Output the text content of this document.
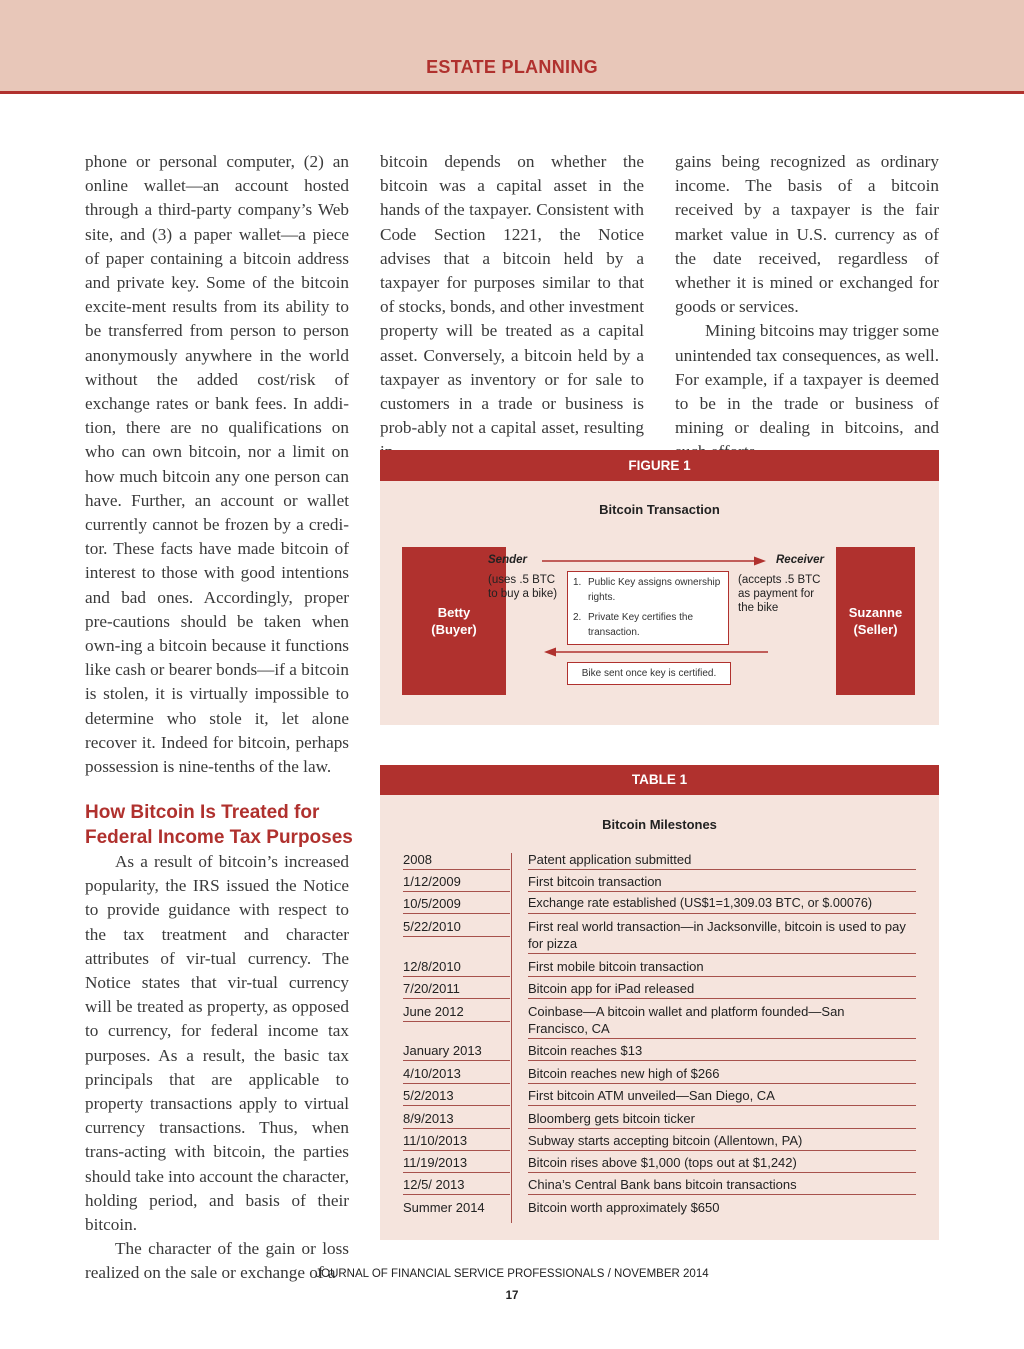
ESTATE PLANNING

phone or personal computer, (2) an online wallet—an account hosted through a third-party company’s Web site, and (3) a paper wallet—a piece of paper containing a bitcoin address and private key. Some of the bitcoin excite-ment results from its ability to be transferred from person to person anonymously anywhere in the world without the added cost/risk of exchange rates or bank fees. In addi-tion, there are no qualifications on who can own bitcoin, nor a limit on how much bitcoin any one person can have. Further, an account or wallet currently cannot be frozen by a credi-tor. These facts have made bitcoin of interest to those with good intentions and bad ones. Accordingly, proper pre-cautions should be taken when own-ing a bitcoin because it functions like cash or bearer bonds—if a bitcoin is stolen, it is virtually impossible to determine who stole it, let alone recover it. Indeed for bitcoin, perhaps possession is nine-tenths of the law.

How Bitcoin Is Treated for Federal Income Tax Purposes

As a result of bitcoin’s increased popularity, the IRS issued the Notice to provide guidance with respect to the tax treatment and character attributes of vir-tual currency. The Notice states that vir-tual currency will be treated as property, as opposed to currency, for federal income tax purposes. As a result, the basic tax principals that are applicable to property transactions apply to virtual currency transactions. Thus, when trans-acting with bitcoin, the parties should take into account the character, holding period, and basis of their bitcoin.

The character of the gain or loss realized on the sale or exchange of a

bitcoin depends on whether the bitcoin was a capital asset in the hands of the taxpayer. Consistent with Code Section 1221, the Notice advises that a bitcoin held by a taxpayer for purposes similar to that of stocks, bonds, and other investment property will be treated as a capital asset. Conversely, a bitcoin held by a taxpayer as inventory or for sale to customers in a trade or business is prob-ably not a capital asset, resulting

gains being recognized as ordinary income. The basis of a bitcoin received by a taxpayer is the fair market value in U.S. currency as of the date received, regardless of whether it is mined or exchanged for goods or services.

Mining bitcoins may trigger some unintended tax consequences, as well. For example, if a taxpayer is deemed to be in the trade or business of mining or dealing in bitcoins, and

FIGURE 1
Bitcoin Transaction
Betty
(Buyer)
Suzanne
(Seller)
Sender	Receiver
(uses .5 BTC to buy a bike)
(accepts .5 BTC as payment for the bike
1. Public Key assigns ownership rights.
2. Private Key certifies the transaction.
Bike sent once key is certified.
TABLE 1
Bitcoin Milestones
2008	Patent application submitted
1/12/2009	First bitcoin transaction
10/5/2009	Exchange rate established (US$1=1,309.03 BTC, or $.00076)
5/22/2010	First real world transaction—in Jacksonville, bitcoin is used to pay for pizza
12/8/2010	First mobile bitcoin transaction
7/20/2011	Bitcoin app for iPad released
June 2012	Coinbase—A bitcoin wallet and platform founded—San Francisco, CA
January 2013	Bitcoin reaches $13
4/10/2013	Bitcoin reaches new high of $266
5/2/2013	First bitcoin ATM unveiled—San Diego, CA
8/9/2013	Bloomberg gets bitcoin ticker
11/10/2013	Subway starts accepting bitcoin (Allentown, PA)
11/19/2013	Bitcoin rises above $1,000 (tops out at $1,242)
12/5/ 2013	China’s Central Bank bans bitcoin transactions
Summer 2014	Bitcoin worth approximately $650
JOURNAL OF FINANCIAL SERVICE PROFESSIONALS / NOVEMBER 2014
17
